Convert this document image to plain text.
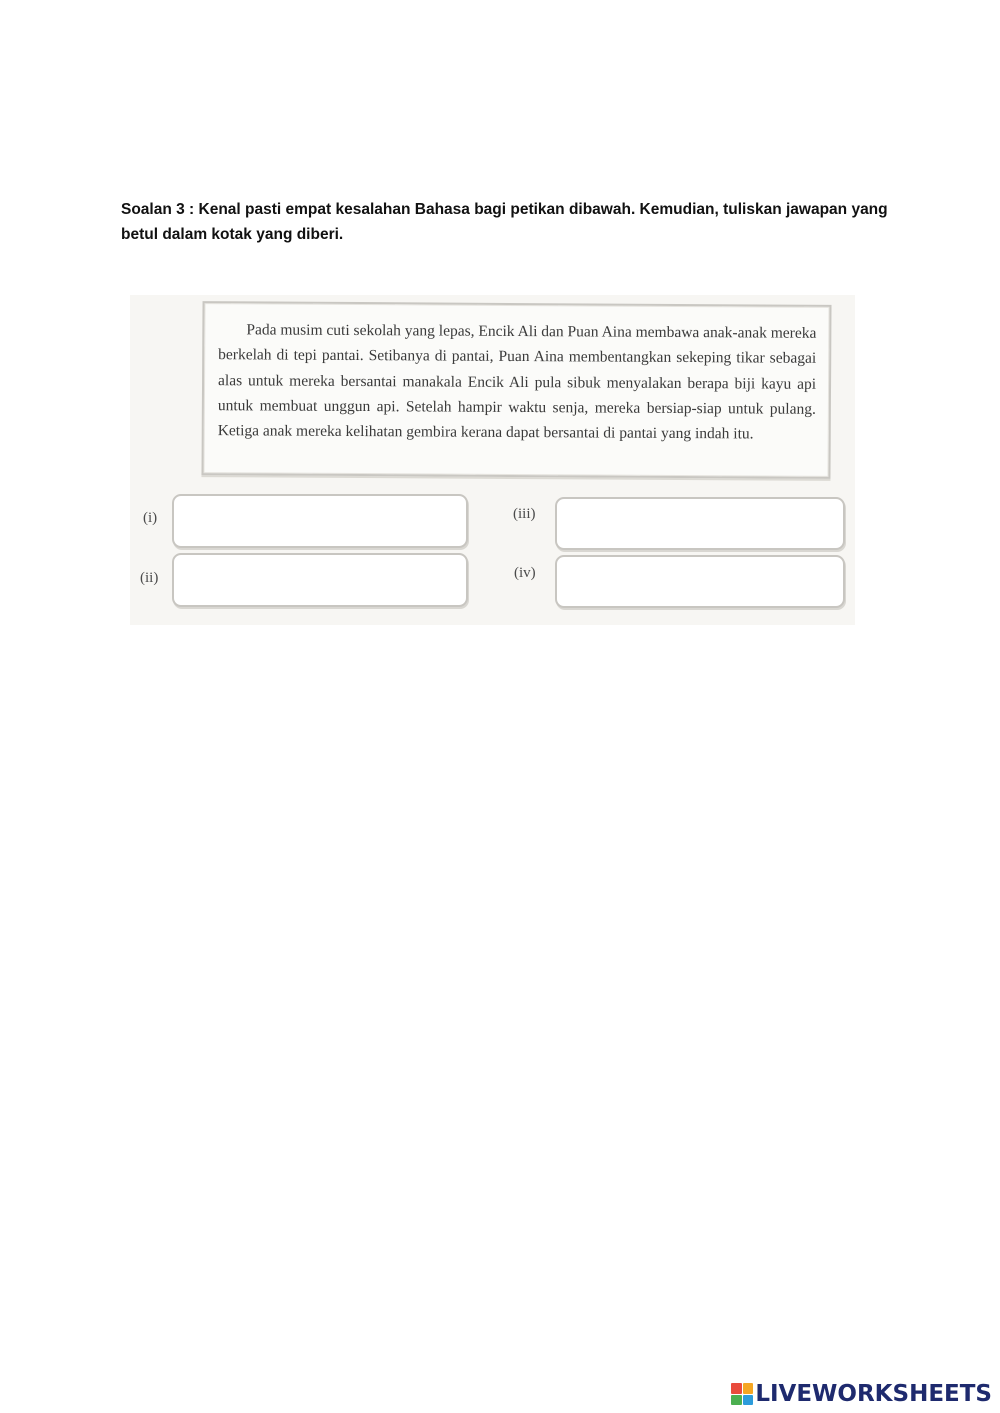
Soalan 3 : Kenal pasti empat kesalahan Bahasa bagi petikan dibawah. Kemudian, tuliskan jawapan yang betul dalam kotak yang diberi.
Pada musim cuti sekolah yang lepas, Encik Ali dan Puan Aina membawa anak-anak mereka berkelah di tepi pantai. Setibanya di pantai, Puan Aina membentangkan sekeping tikar sebagai alas untuk mereka bersantai manakala Encik Ali pula sibuk menyalakan berapa biji kayu api untuk membuat unggun api. Setelah hampir waktu senja, mereka bersiap-siap untuk pulang. Ketiga anak mereka kelihatan gembira kerana dapat bersantai di pantai yang indah itu.
(i)
(ii)
(iii)
(iv)
LIVEWORKSHEETS
